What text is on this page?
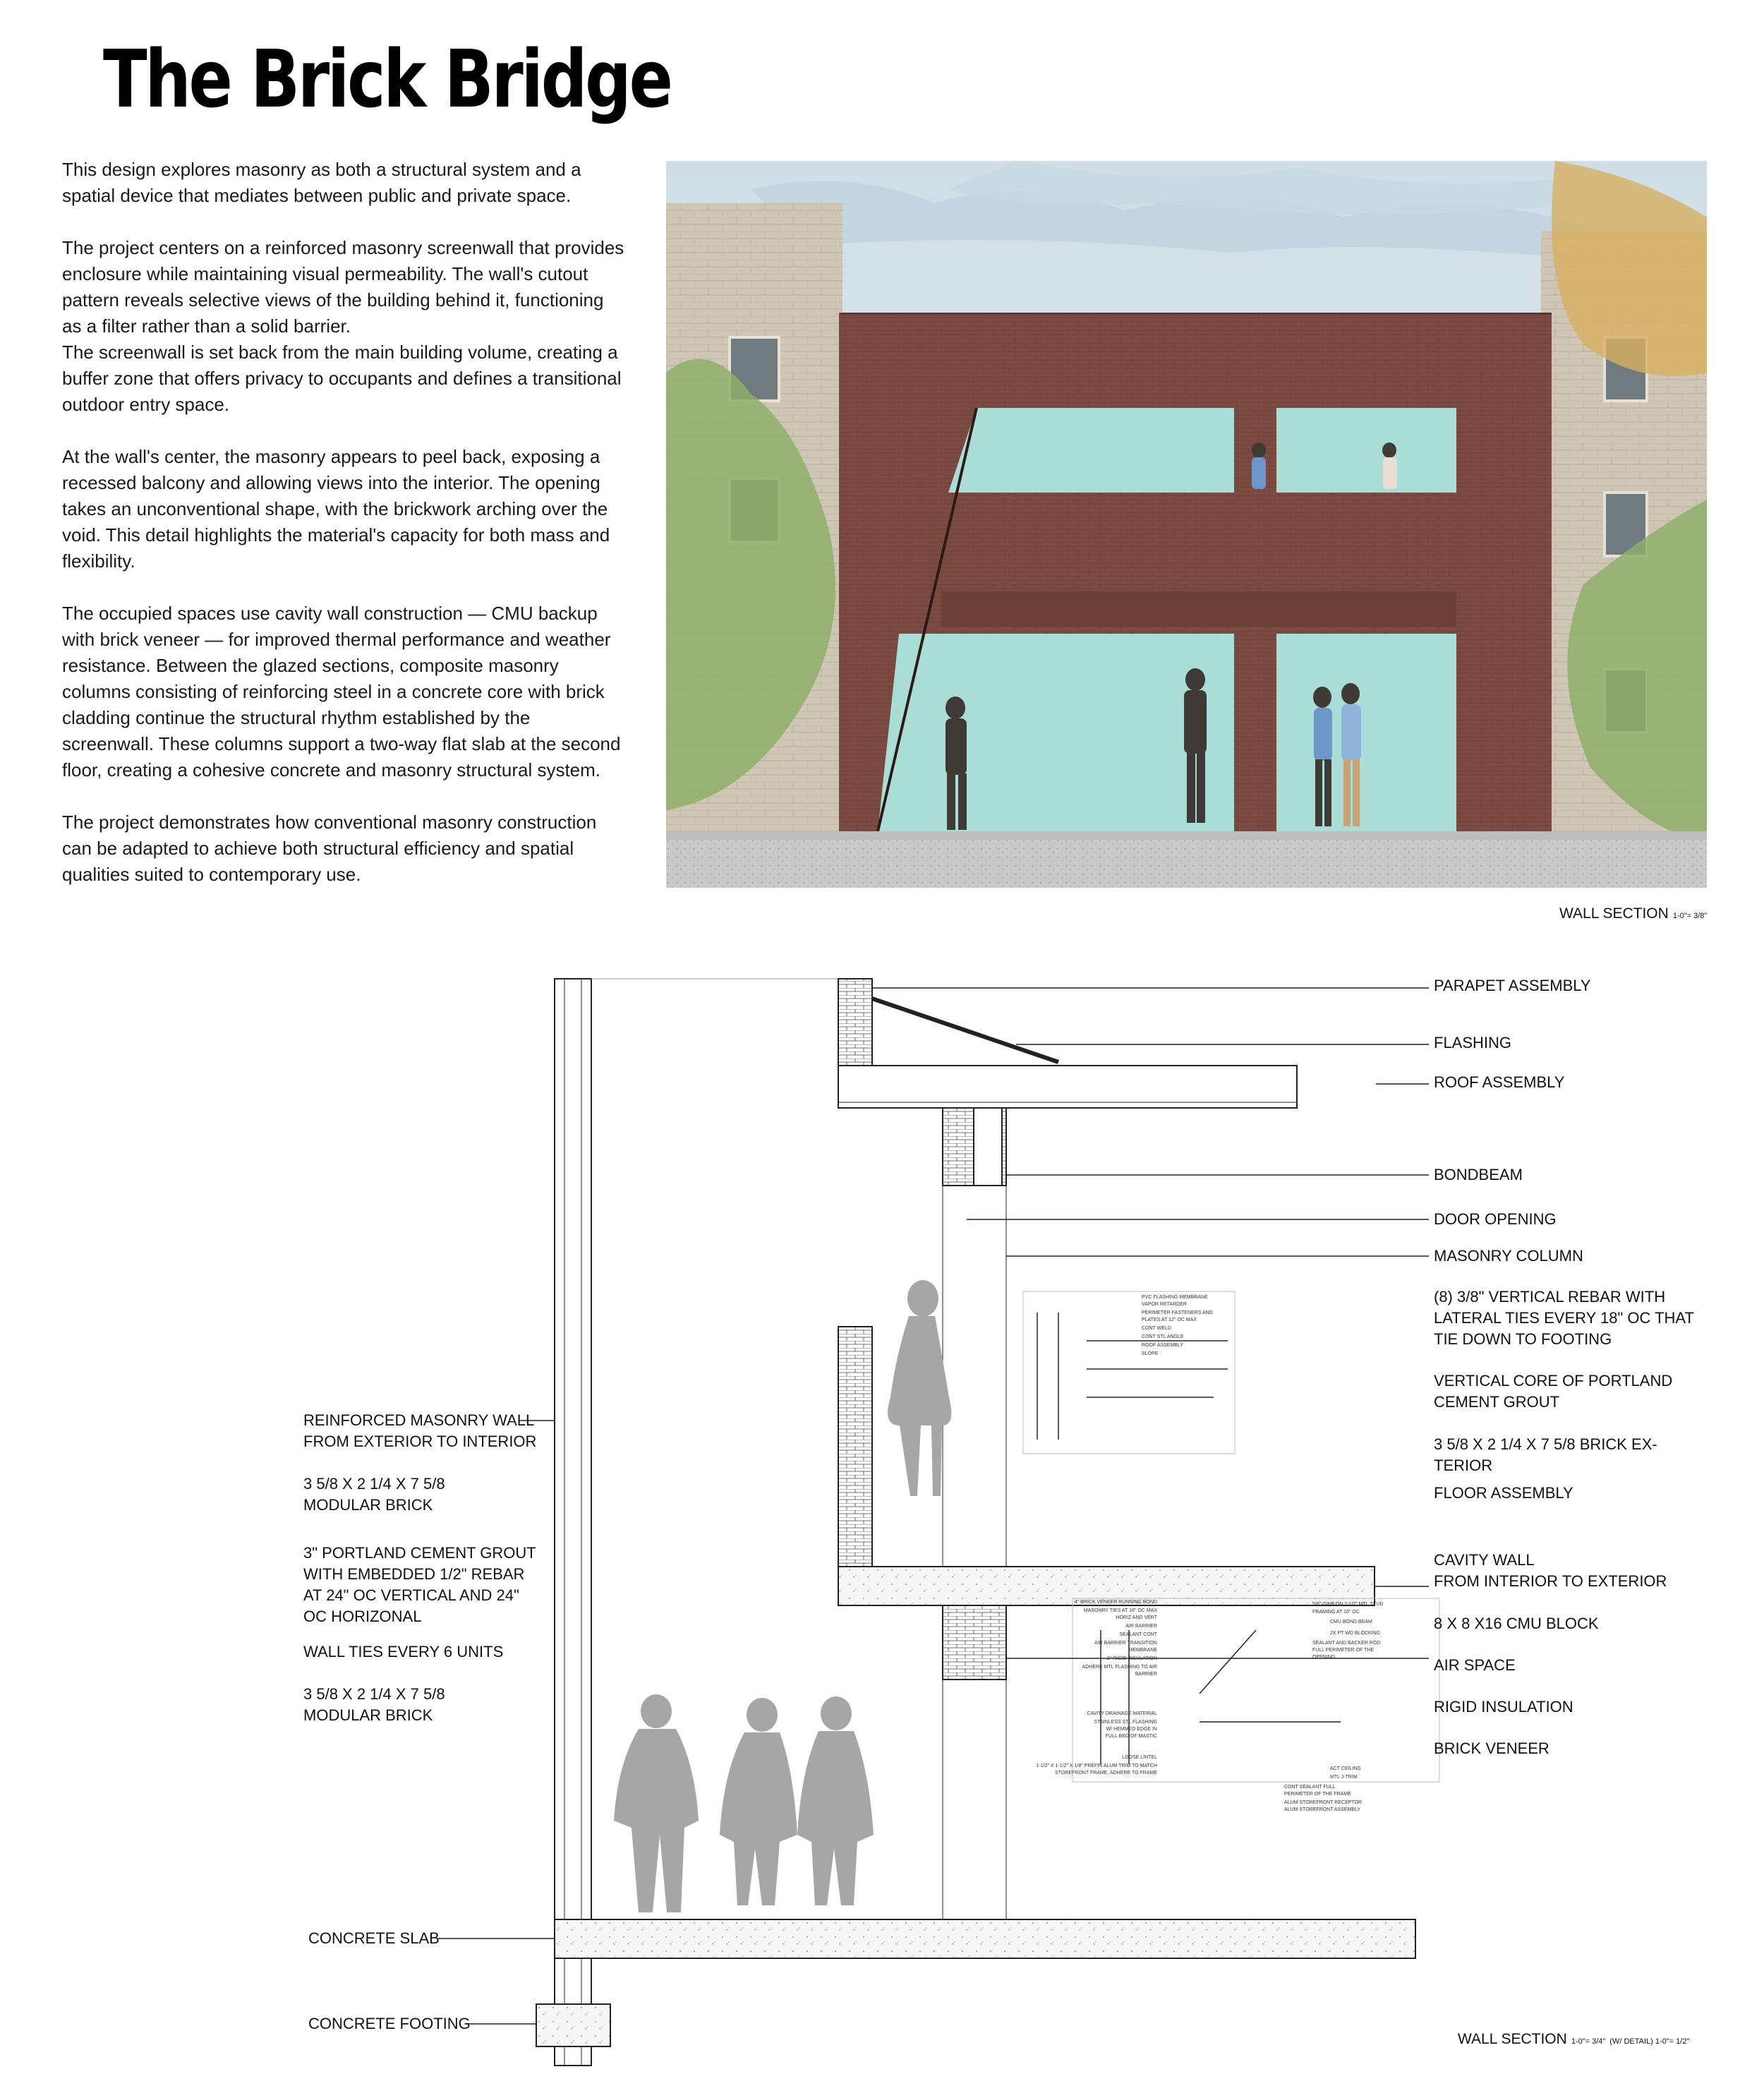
The Brick Bridge

This design explores masonry as both a structural system and a spatial device that mediates between public and private space.

The project centers on a reinforced masonry screenwall that provides enclosure while maintaining visual permeability. The wall's cutout pattern reveals selective views of the building behind it, functioning as a filter rather than a solid barrier.
The screenwall is set back from the main building volume, creating a buffer zone that offers privacy to occupants and defines a transitional outdoor entry space.

At the wall's center, the masonry appears to peel back, exposing a recessed balcony and allowing views into the interior. The opening takes an unconventional shape, with the brickwork arching over the void. This detail highlights the material's capacity for both mass and flexibility.

The occupied spaces use cavity wall construction — CMU backup with brick veneer — for improved thermal performance and weather resistance. Between the glazed sections, composite masonry columns consisting of reinforcing steel in a concrete core with brick cladding continue the structural rhythm established by the screenwall. These columns support a two-way flat slab at the second floor, creating a cohesive concrete and masonry structural system.

The project demonstrates how conventional masonry construction can be adapted to achieve both structural efficiency and spatial qualities suited to contemporary use.

WALL SECTION 1-0"= 3/8"
PVC FLASHING MEMBRANE
VAPOR RETARDER
PERIMETER FASTENERS AND
PLATES AT 12" OC MAX
CONT WELD
CONT STL ANGLE
ROOF ASSEMBLY
SLOPE
4" BRICK VENEER RUNNING BOND
MASONRY TIES AT 16" OC MAX
HORIZ AND VERT
AIR BARRIER
SEALANT CONT
AIR BARRIER TRANSITION
MEMBRANE
2" RIGID INSULATION
ADHERE MTL FLASHING TO AIR
BARRIER
CAVITY DRAINAGE MATERIAL
STAINLESS STL FLASHING
W/ HEMMED EDGE IN
FULL BED OF MASTIC
LOOSE LINTEL
1-1/2" X 1-1/2" X 1/8" PREFIN ALUM TRIM TO MATCH
STOREFRONT FRAME, ADHERE TO FRAME
5/8" GWB ON 2-1/2" MTL STUD
FRAMING AT 16" OC
CMU BOND BEAM
2X PT WD BLOCKING
SEALANT AND BACKER ROD
FULL PERIMETER OF THE
OPENING
ACT CEILING
MTL J-TRIM
CONT SEALANT FULL
PERIMETER OF THE FRAME
ALUM STOREFRONT RECEPTOR
ALUM STOREFRONT ASSEMBLY
PARAPET ASSEMBLY
FLASHING
ROOF ASSEMBLY
BONDBEAM
DOOR OPENING
MASONRY COLUMN
(8) 3/8" VERTICAL REBAR WITH
LATERAL TIES EVERY 18" OC THAT
TIE DOWN TO FOOTING
VERTICAL CORE OF PORTLAND
CEMENT GROUT
3 5/8 X 2 1/4 X 7 5/8 BRICK EX-
TERIOR
FLOOR ASSEMBLY
CAVITY WALL
FROM INTERIOR TO EXTERIOR
8 X 8 X16 CMU BLOCK
AIR SPACE
RIGID INSULATION
BRICK VENEER
REINFORCED MASONRY WALL
FROM EXTERIOR TO INTERIOR
3 5/8 X 2 1/4 X 7 5/8
MODULAR BRICK
3" PORTLAND CEMENT GROUT
WITH EMBEDDED 1/2" REBAR
AT 24" OC VERTICAL AND 24"
OC HORIZONAL
WALL TIES EVERY 6 UNITS
3 5/8 X 2 1/4 X 7 5/8
MODULAR BRICK
CONCRETE SLAB
CONCRETE FOOTING
WALL SECTION 1-0"= 3/4" (W/ DETAIL) 1-0"= 1/2"
